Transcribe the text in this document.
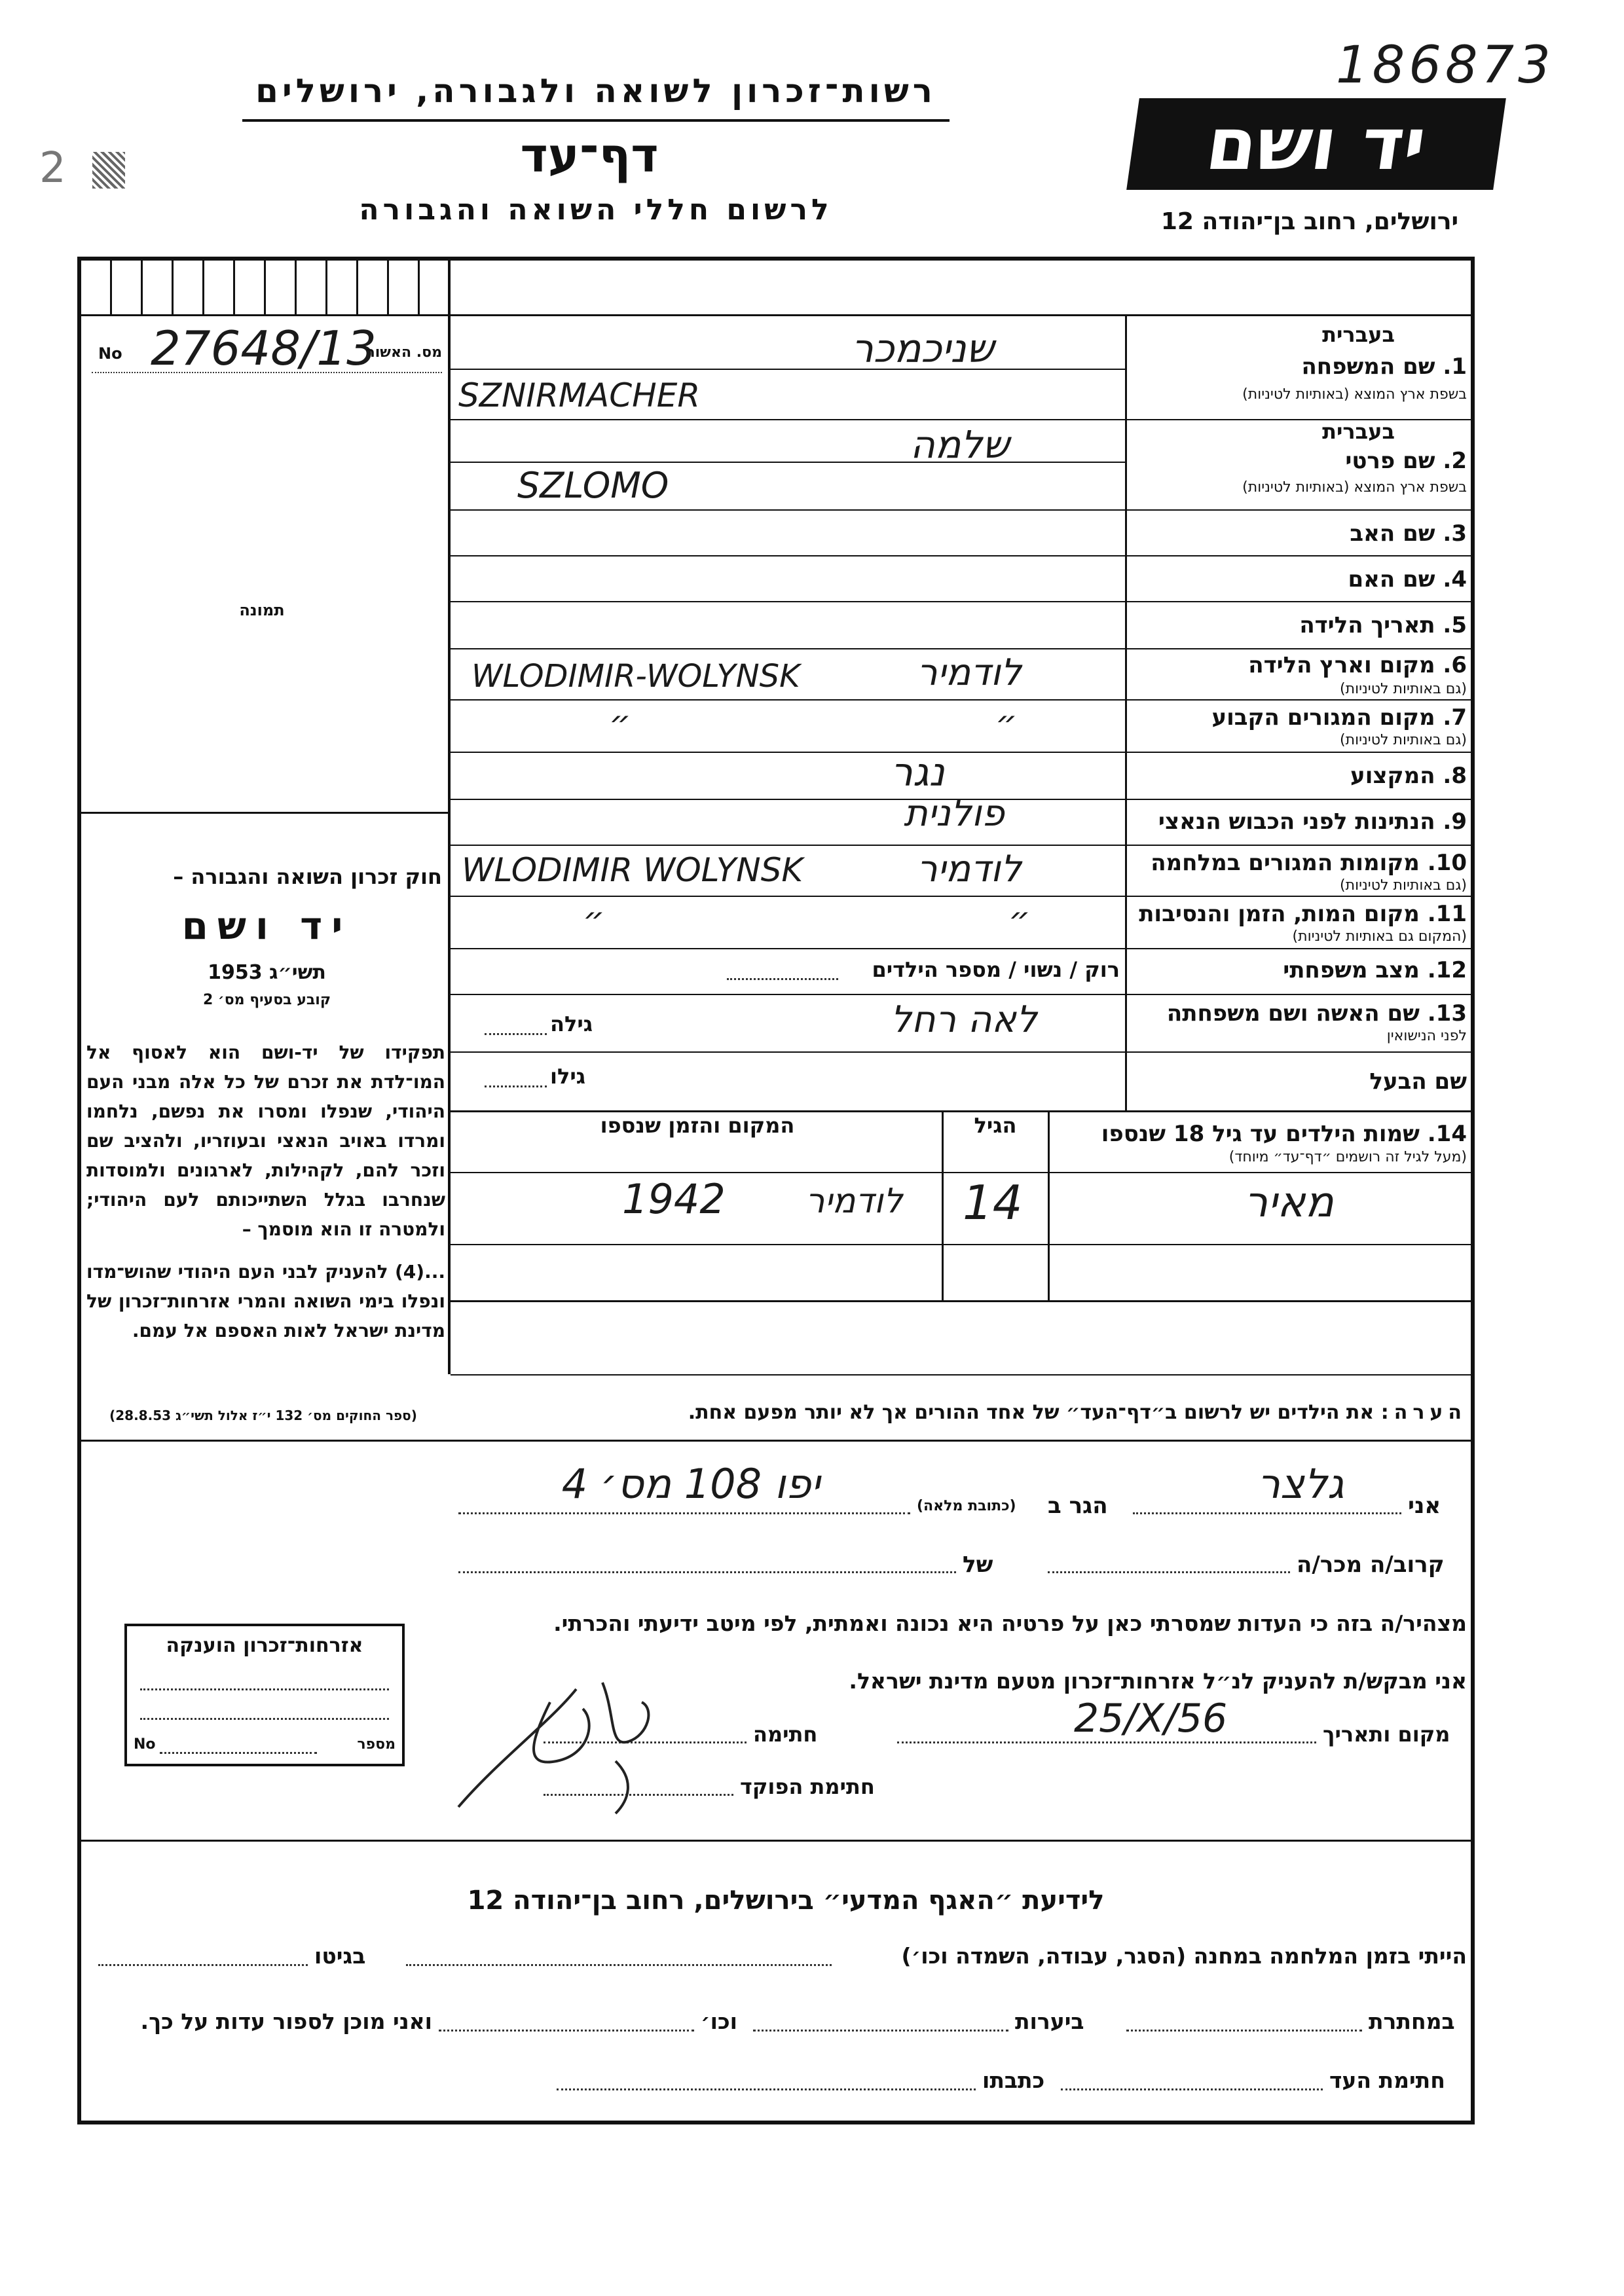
186873
רשות־זכרון לשואה ולגבורה, ירושלים
2	דף־עד
לרשום חללי השואה והגבורה
יד ושם
ירושלים, רחוב בן־יהודה 12
No 27648/13
מס. האשור
תמונה
חוק זכרון השואה והגבורה –
יד ושם
תשי״ג 1953
קובע בסעיף מס׳ 2
תפקידו של יד-ושם הוא לאסוף אל המו־לדת את זכרם של כל אלה מבני העם היהודי, שנפלו ומסרו את נפשם, נלחמו ומרדו באויב הנאצי ובעוזריו, ולהציב שם וזכר להם, לקהילות, לארגונים ולמוסדות שנחרבו בגלל השתייכותם לעם היהודי; ולמטרה זו הוא מוסמך –
...(4) להעניק לבני העם היהודי שהוש־מדו ונפלו בימי השואה והמרי אזרחות־זכרון של מדינת ישראל לאות האספם אל עמם.
(ספר החוקים מס׳ 132 י״ז אלול תשי״ג 28.8.53)
בעברית
1. שם המשפחה
בשפת ארץ המוצא (באותיות לטיניות)
שניכמכר
SZNIRMACHER
בעברית
2. שם פרטי
בשפת ארץ המוצא (באותיות לטיניות)
שלמה
SZLOMO
3. שם האב
4. שם האם
5. תאריך הלידה
6. מקום וארץ הלידה
(גם באותיות לטיניות)
לודמיר
WLODIMIR-WOLYNSK
7. מקום המגורים הקבוע
(גם באותיות לטיניות)
״
״
8. המקצוע
נגר
9. הנתינות לפני הכבוש הנאצי
פולנית
10. מקומות המגורים במלחמה
(גם באותיות לטיניות)
לודמיר
WLODIMIR WOLYNSK
11. מקום המות, הזמן והנסיבות
(המקום גם באותיות לטיניות)
״
״
12. מצב משפחתי
רוק / נשוי / מספר הילדים
13. שם האשה ושם משפחתה
לפני הנישואין
לאה רחל
גילה
שם הבעל
גילו
14. שמות הילדים עד גיל 18 שנספו
(מעל לגיל זה רושמים ״דף־עד״ מיוחד)
הגיל
המקום והזמן שנספו
מאיר
14
לודמיר
1942
הערה: את הילדים יש לרשום ב״דף־העד״ של אחד ההורים אך לא יותר מפעם אחת.
אני
גלצר
הגר ב
(כתובת מלאה)
יפו 108 מס׳ 4
קרוב/ה מכר/ה
של
מצהיר/ה בזה כי העדות שמסרתי כאן על פרטיה היא נכונה ואמתית, לפי מיטב ידיעתי והכרתי.
אני מבקש/ת להעניק לנ״ל אזרחות־זכרון מטעם מדינת ישראל.
מקום ותאריך
25/X/56
חתימה
חתימת הפוקד
אזרחות־זכרון הוענקה
No	מספר
לידיעת ״האגף המדעי״ בירושלים, רחוב בן־יהודה 12
הייתי בזמן המלחמה במחנה (הסגר, עבודה, השמדה וכו׳)
בגיטו
במחתרת
ביערות
וכו׳
ואני מוכן לספור עדות על כך.
חתימת העד
כתבתו
